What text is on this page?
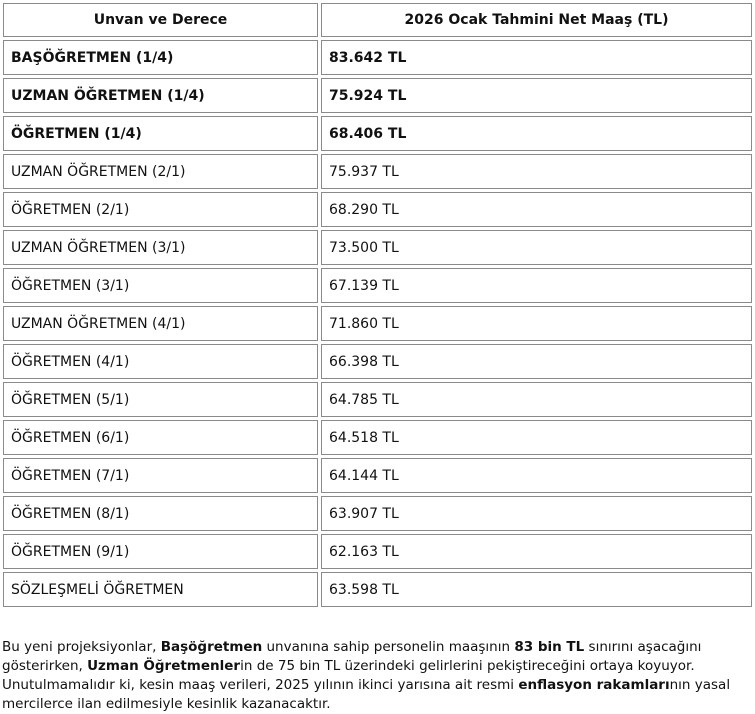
Unvan ve Derece	2026 Ocak Tahmini Net Maaş (TL)
BAŞÖĞRETMEN (1/4)	83.642 TL
UZMAN ÖĞRETMEN (1/4)	75.924 TL
ÖĞRETMEN (1/4)	68.406 TL
UZMAN ÖĞRETMEN (2/1)	75.937 TL
ÖĞRETMEN (2/1)	68.290 TL
UZMAN ÖĞRETMEN (3/1)	73.500 TL
ÖĞRETMEN (3/1)	67.139 TL
UZMAN ÖĞRETMEN (4/1)	71.860 TL
ÖĞRETMEN (4/1)	66.398 TL
ÖĞRETMEN (5/1)	64.785 TL
ÖĞRETMEN (6/1)	64.518 TL
ÖĞRETMEN (7/1)	64.144 TL
ÖĞRETMEN (8/1)	63.907 TL
ÖĞRETMEN (9/1)	62.163 TL
SÖZLEŞMELİ ÖĞRETMEN	63.598 TL

Bu yeni projeksiyonlar, Başöğretmen unvanına sahip personelin maaşının 83 bin TL sınırını aşacağını gösterirken, Uzman Öğretmenlerin de 75 bin TL üzerindeki gelirlerini pekiştireceğini ortaya koyuyor. Unutulmamalıdır ki, kesin maaş verileri, 2025 yılının ikinci yarısına ait resmi enflasyon rakamlarının yasal mercilerce ilan edilmesiyle kesinlik kazanacaktır.
